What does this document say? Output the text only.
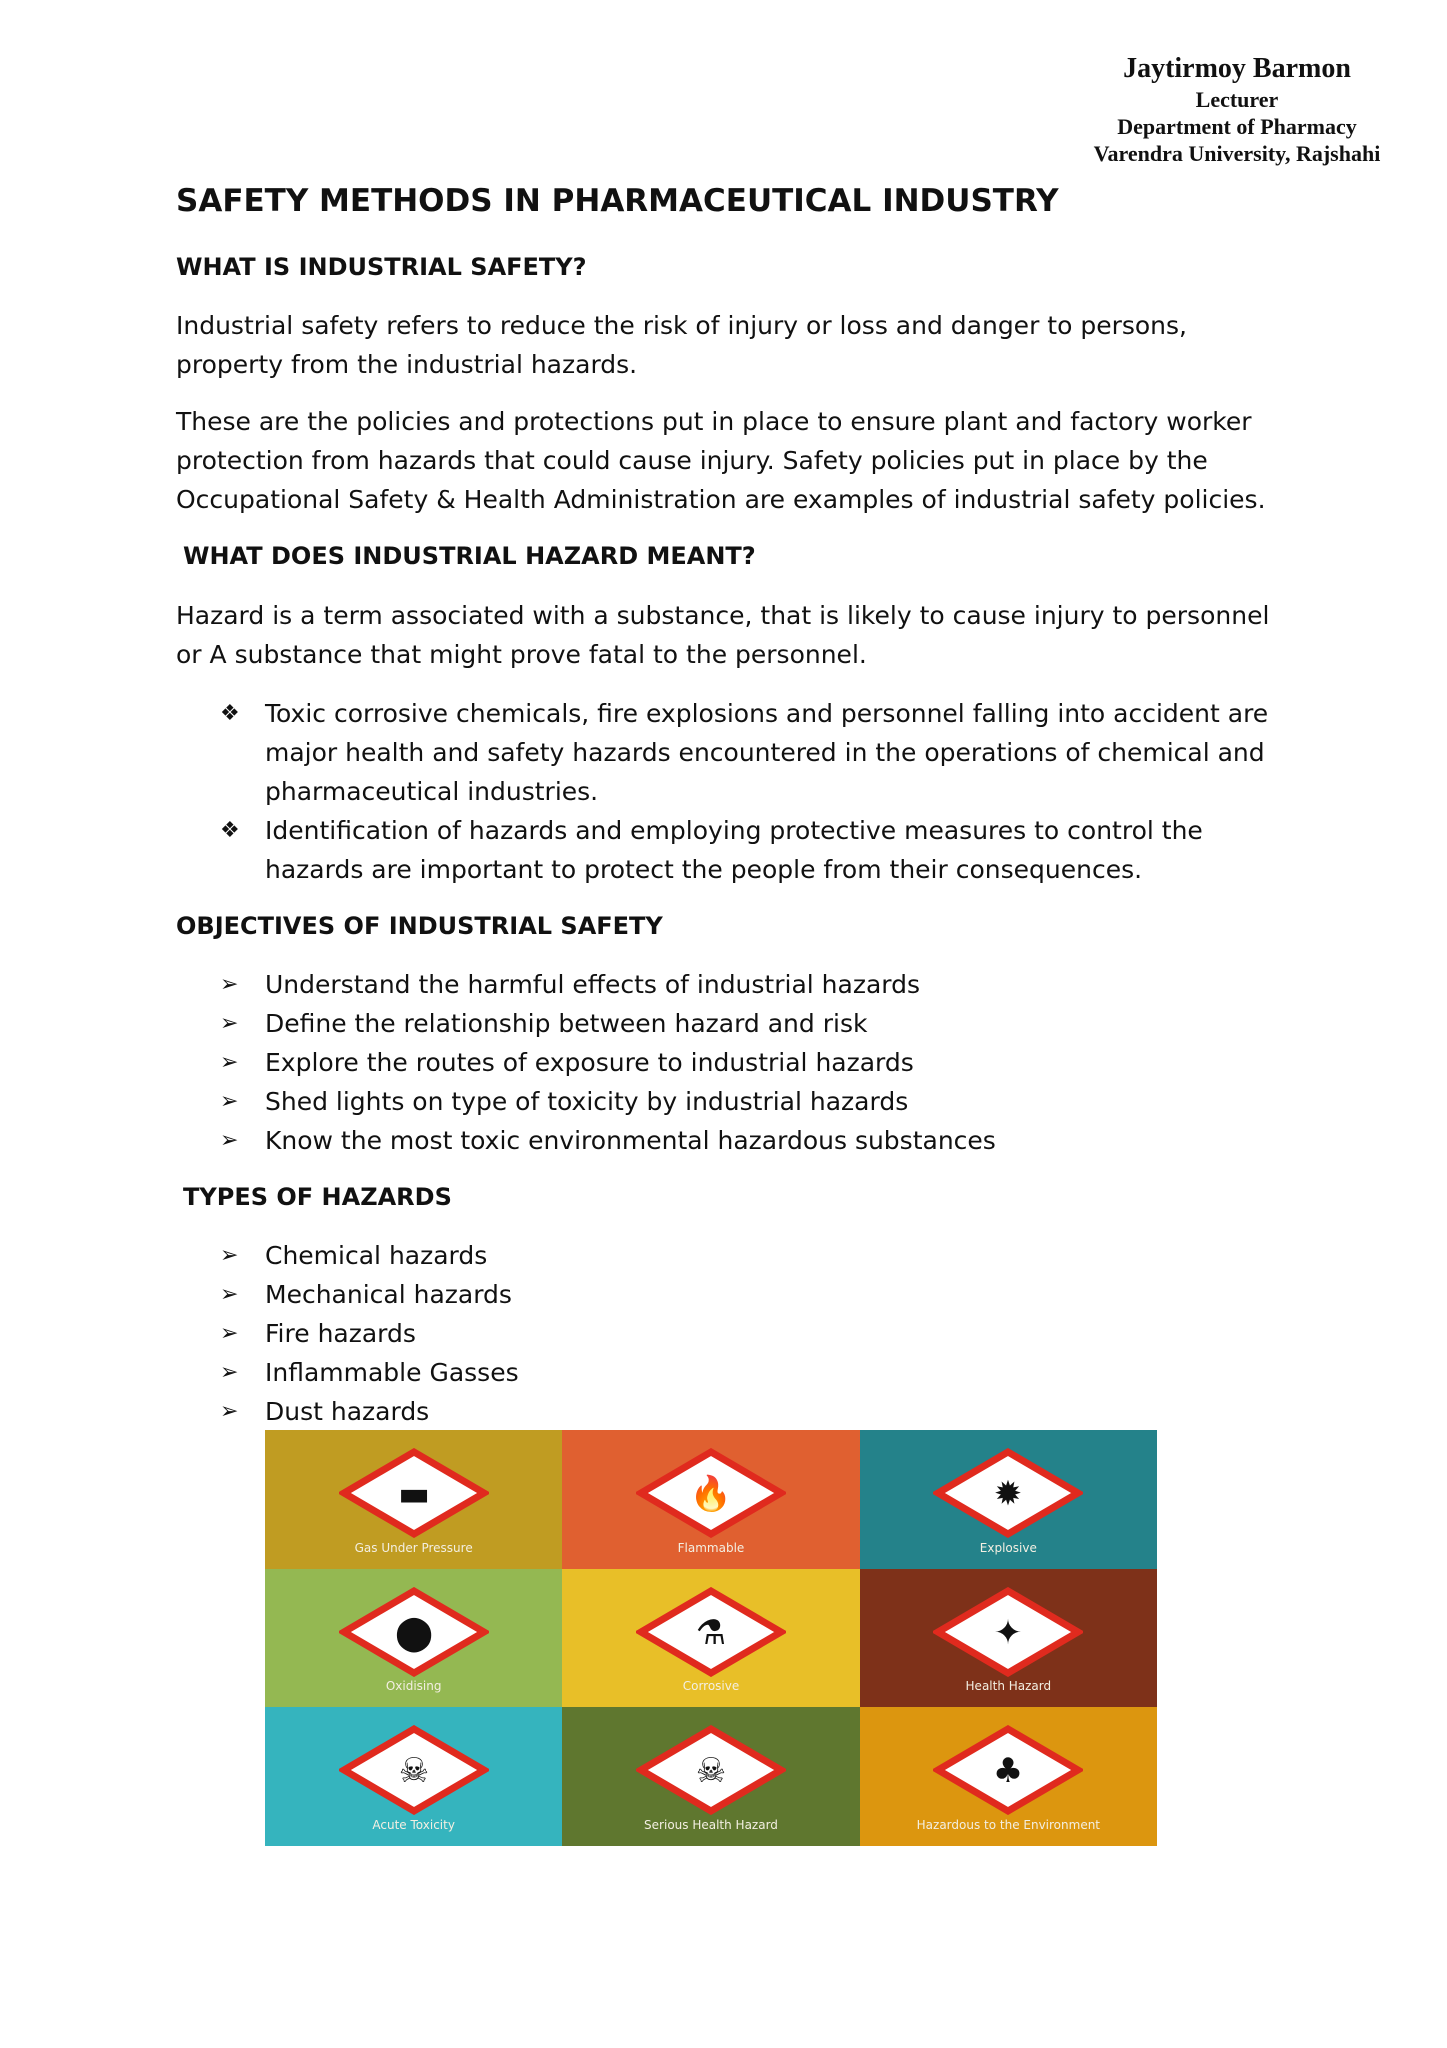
Jaytirmoy Barmon
Lecturer
Department of Pharmacy
Varendra University, Rajshahi
SAFETY METHODS IN PHARMACEUTICAL INDUSTRY

WHAT IS INDUSTRIAL SAFETY?

Industrial safety refers to reduce the risk of injury or loss and danger to persons, property from the industrial hazards.

These are the policies and protections put in place to ensure plant and factory worker protection from hazards that could cause injury. Safety policies put in place by the Occupational Safety & Health Administration are examples of industrial safety policies.

WHAT DOES INDUSTRIAL HAZARD MEANT?

Hazard is a term associated with a substance, that is likely to cause injury to personnel or A substance that might prove fatal to the personnel.

❖ Toxic corrosive chemicals, fire explosions and personnel falling into accident are major health and safety hazards encountered in the operations of chemical and pharmaceutical industries.
❖ Identification of hazards and employing protective measures to control the hazards are important to protect the people from their consequences.

OBJECTIVES OF INDUSTRIAL SAFETY

➢ Understand the harmful effects of industrial hazards
➢ Define the relationship between hazard and risk
➢ Explore the routes of exposure to industrial hazards
➢ Shed lights on type of toxicity by industrial hazards
➢ Know the most toxic environmental hazardous substances

TYPES OF HAZARDS

➢ Chemical hazards
➢ Mechanical hazards
➢ Fire hazards
➢ Inflammable Gasses
➢ Dust hazards
▬
Gas Under Pressure
🔥
Flammable
✹
Explosive
⬤
Oxidising
⚗
Corrosive
✦
Health Hazard
☠
Acute Toxicity
☠
Serious Health Hazard
♣
Hazardous to the Environment
